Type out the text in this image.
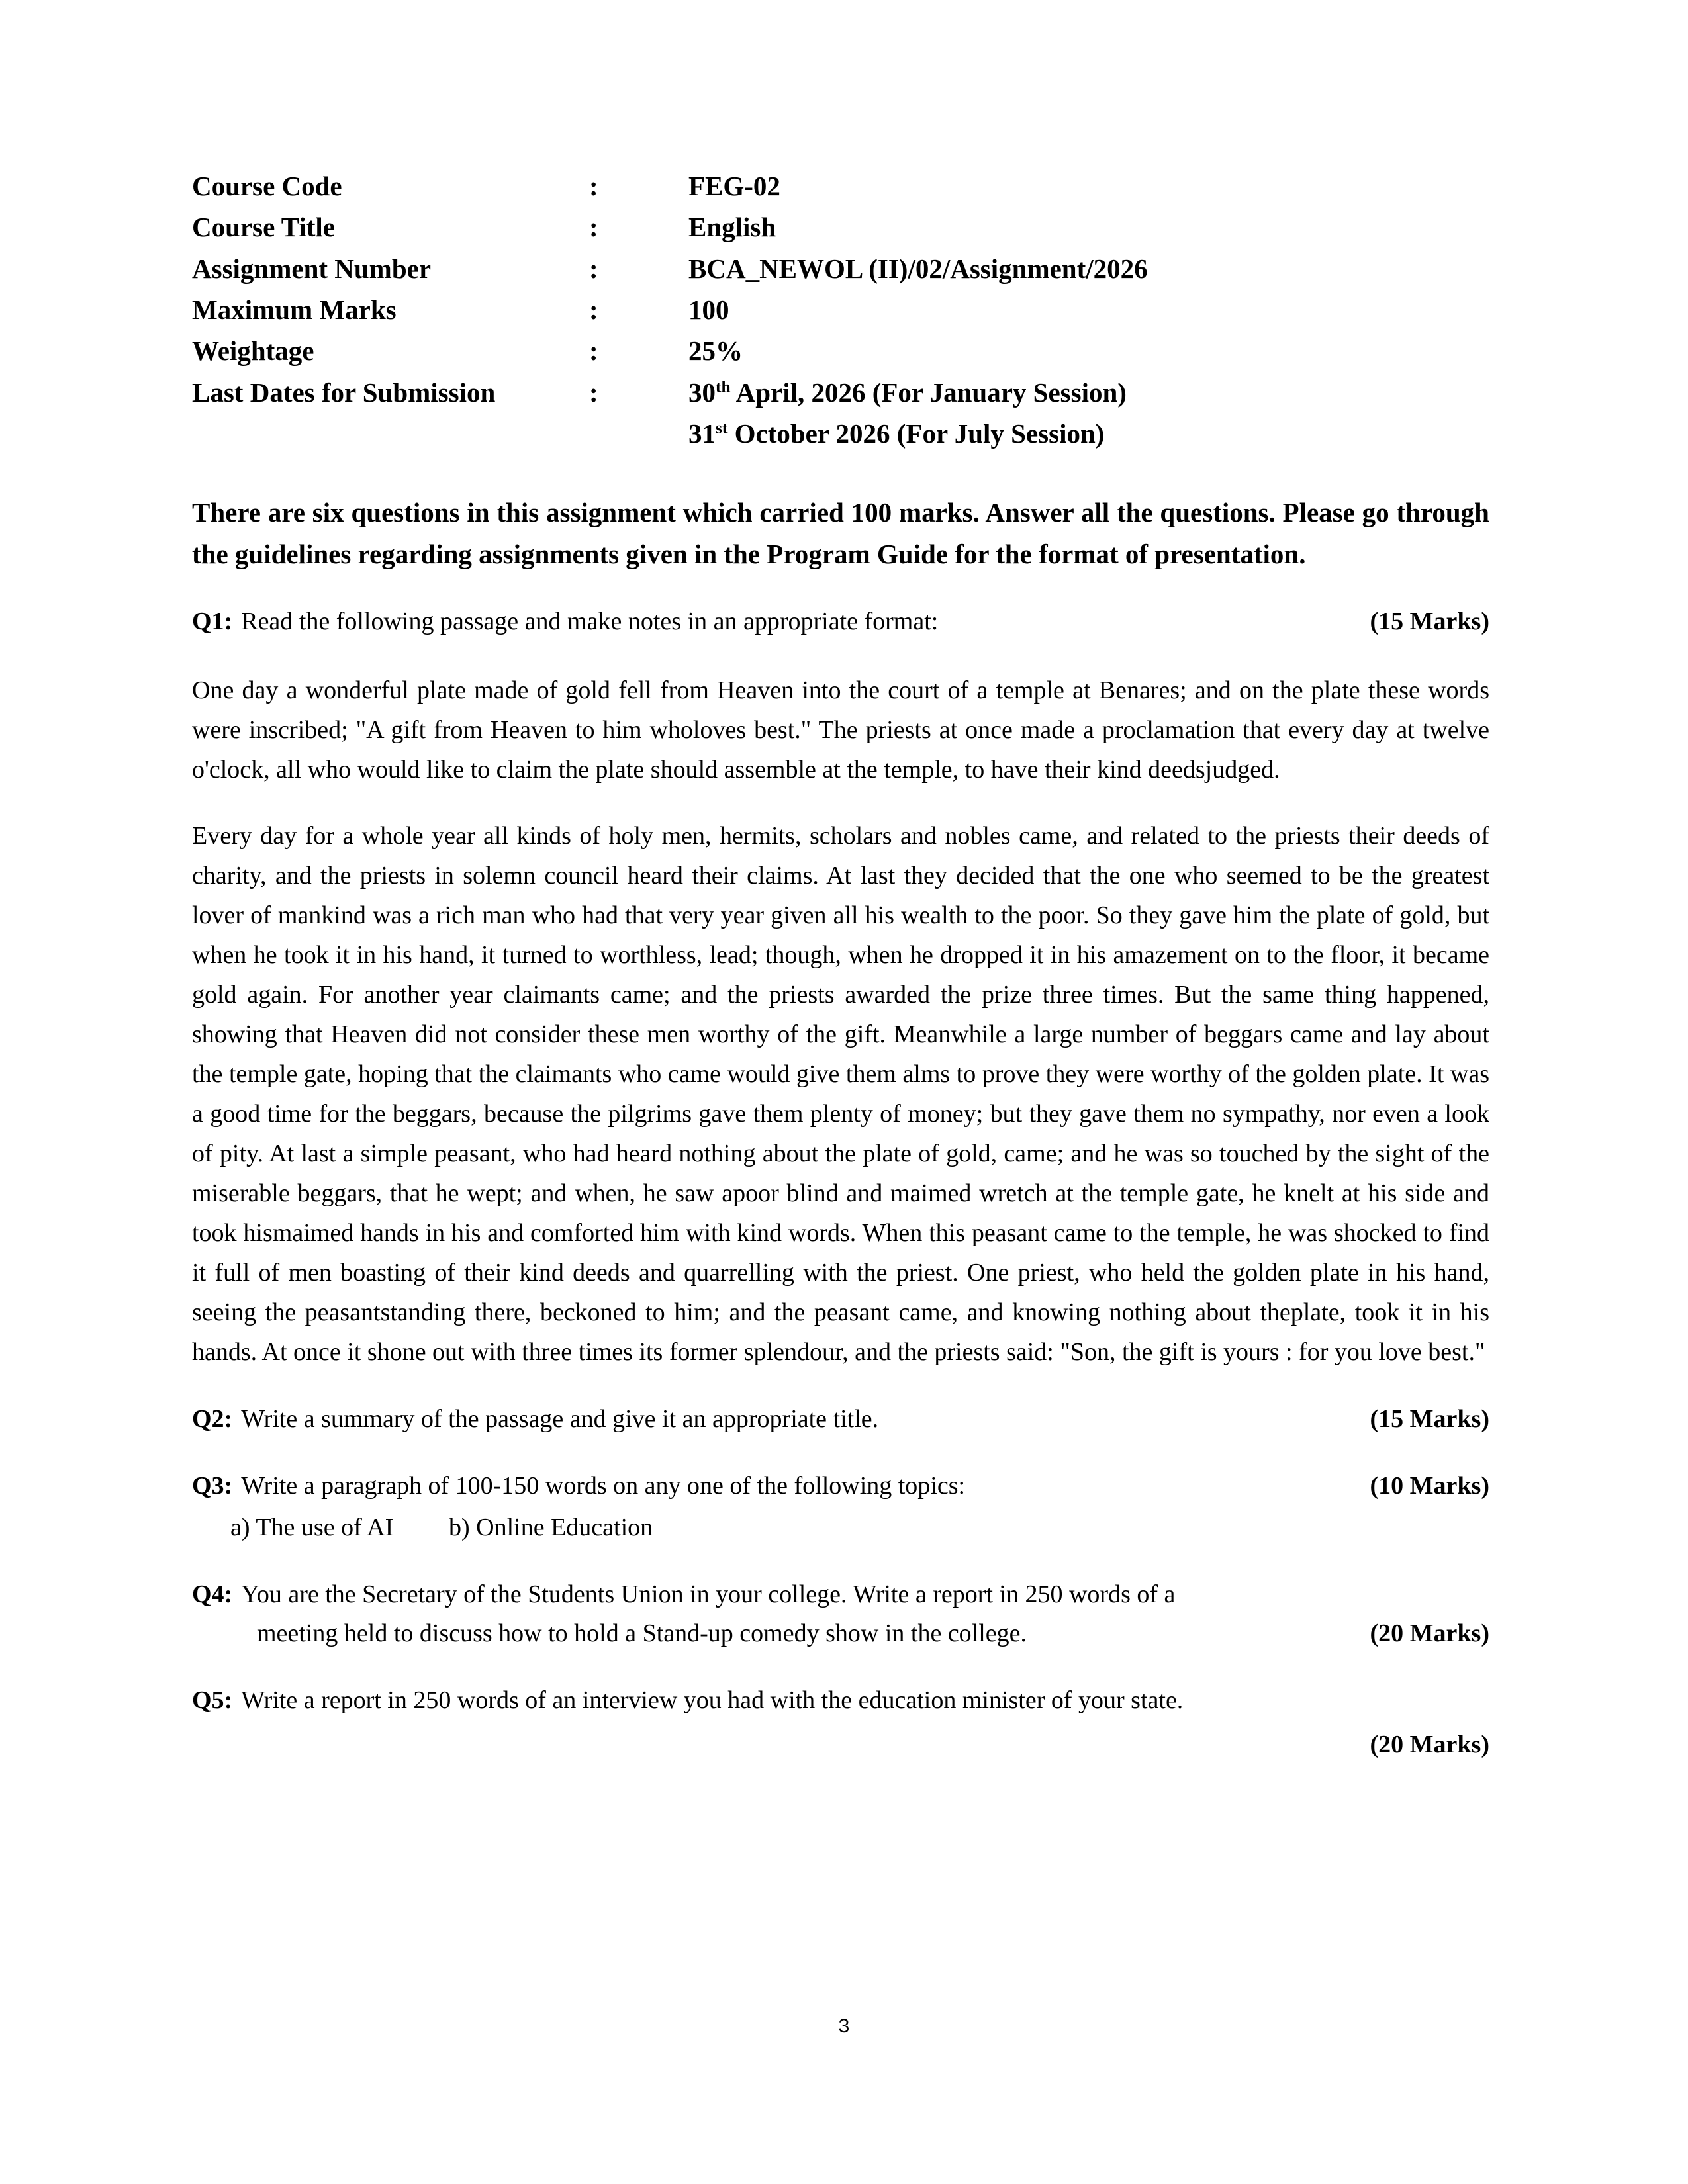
Course Code	:	FEG-02
Course Title	:	English
Assignment Number	:	BCA_NEWOL (II)/02/Assignment/2026
Maximum Marks	:	100
Weightage	:	25%
Last Dates for Submission	:	30th April, 2026 (For January Session)
31st October 2026 (For July Session)

There are six questions in this assignment which carried 100 marks. Answer all the questions. Please go through the guidelines regarding assignments given in the Program Guide for the format of presentation.

Q1: Read the following passage and make notes in an appropriate format:	(15 Marks)

One day a wonderful plate made of gold fell from Heaven into the court of a temple at Benares; and on the plate these words were inscribed; "A gift from Heaven to him wholoves best." The priests at once made a proclamation that every day at twelve o'clock, all who would like to claim the plate should assemble at the temple, to have their kind deedsjudged.

Every day for a whole year all kinds of holy men, hermits, scholars and nobles came, and related to the priests their deeds of charity, and the priests in solemn council heard their claims. At last they decided that the one who seemed to be the greatest lover of mankind was a rich man who had that very year given all his wealth to the poor. So they gave him the plate of gold, but when he took it in his hand, it turned to worthless, lead; though, when he dropped it in his amazement on to the floor, it became gold again. For another year claimants came; and the priests awarded the prize three times. But the same thing happened, showing that Heaven did not consider these men worthy of the gift. Meanwhile a large number of beggars came and lay about the temple gate, hoping that the claimants who came would give them alms to prove they were worthy of the golden plate. It was a good time for the beggars, because the pilgrims gave them plenty of money; but they gave them no sympathy, nor even a look of pity. At last a simple peasant, who had heard nothing about the plate of gold, came; and he was so touched by the sight of the miserable beggars, that he wept; and when, he saw apoor blind and maimed wretch at the temple gate, he knelt at his side and took hismaimed hands in his and comforted him with kind words. When this peasant came to the temple, he was shocked to find it full of men boasting of their kind deeds and quarrelling with the priest. One priest, who held the golden plate in his hand, seeing the peasantstanding there, beckoned to him; and the peasant came, and knowing nothing about theplate, took it in his hands. At once it shone out with three times its former splendour, and the priests said: "Son, the gift is yours : for you love best."

Q2: Write a summary of the passage and give it an appropriate title.	(15 Marks)
Q3: Write a paragraph of 100-150 words on any one of the following topics:	(10 Marks)
a) The use of AI b) Online Education
Q4: You are the Secretary of the Students Union in your college. Write a report in 250 words of a
meeting held to discuss how to hold a Stand-up comedy show in the college.	(20 Marks)
Q5: Write a report in 250 words of an interview you had with the education minister of your state.
(20 Marks)
3
